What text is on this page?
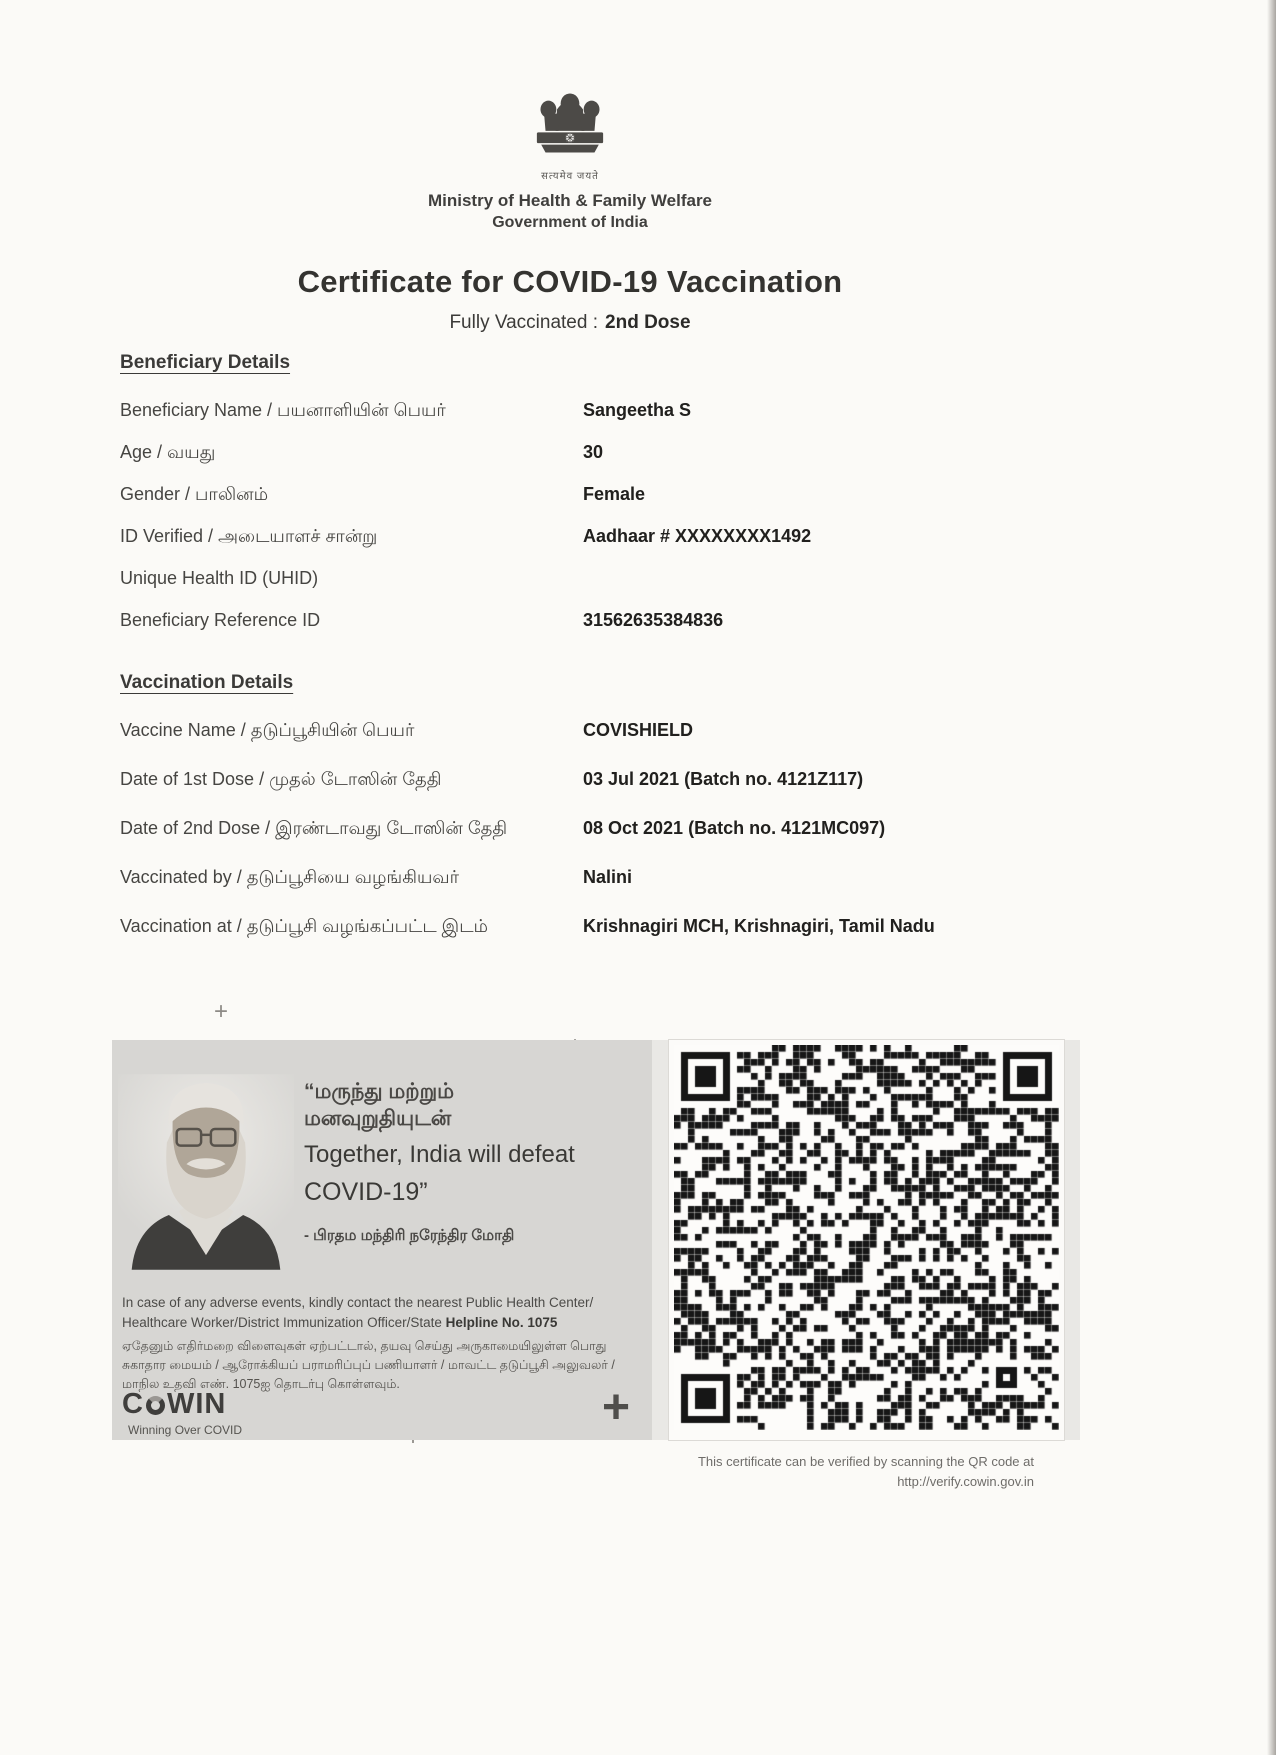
सत्यमेव जयते
Ministry of Health & Family Welfare
Government of India
Certificate for COVID-19 Vaccination
Fully Vaccinated : 2nd Dose
Beneficiary Details
Beneficiary Name / பயனாளியின் பெயர்	Sangeetha S
Age / வயது	30
Gender / பாலினம்	Female
ID Verified / அடையாளச் சான்று	Aadhaar # XXXXXXXX1492
Unique Health ID (UHID)
Beneficiary Reference ID	31562635384836
Vaccination Details
Vaccine Name / தடுப்பூசியின் பெயர்	COVISHIELD
Date of 1st Dose / முதல் டோஸின் தேதி	03 Jul 2021 (Batch no. 4121Z117)
Date of 2nd Dose / இரண்டாவது டோஸின் தேதி	08 Oct 2021 (Batch no. 4121MC097)
Vaccinated by / தடுப்பூசியை வழங்கியவர்	Nalini
Vaccination at / தடுப்பூசி வழங்கப்பட்ட இடம்	Krishnagiri MCH, Krishnagiri, Tamil Nadu
+
+
+
+
“மருந்து மற்றும்
மனவுறுதியுடன்
Together, India will defeat
COVID-19”
- பிரதம மந்திரி நரேந்திர மோதி

In case of any adverse events, kindly contact the nearest Public Health Center/ Healthcare Worker/District Immunization Officer/State Helpline No. 1075

ஏதேனும் எதிர்மறை விளைவுகள் ஏற்பட்டால், தயவு செய்து அருகாமையிலுள்ள பொது சுகாதார மையம் / ஆரோக்கியப் பராமரிப்புப் பணியாளர் / மாவட்ட தடுப்பூசி அலுவலர் / மாநில உதவி எண். 1075ஐ தொடர்பு கொள்ளவும்.

C WIN
Winning Over COVID
+
This certificate can be verified by scanning the QR code at
http://verify.cowin.gov.in
